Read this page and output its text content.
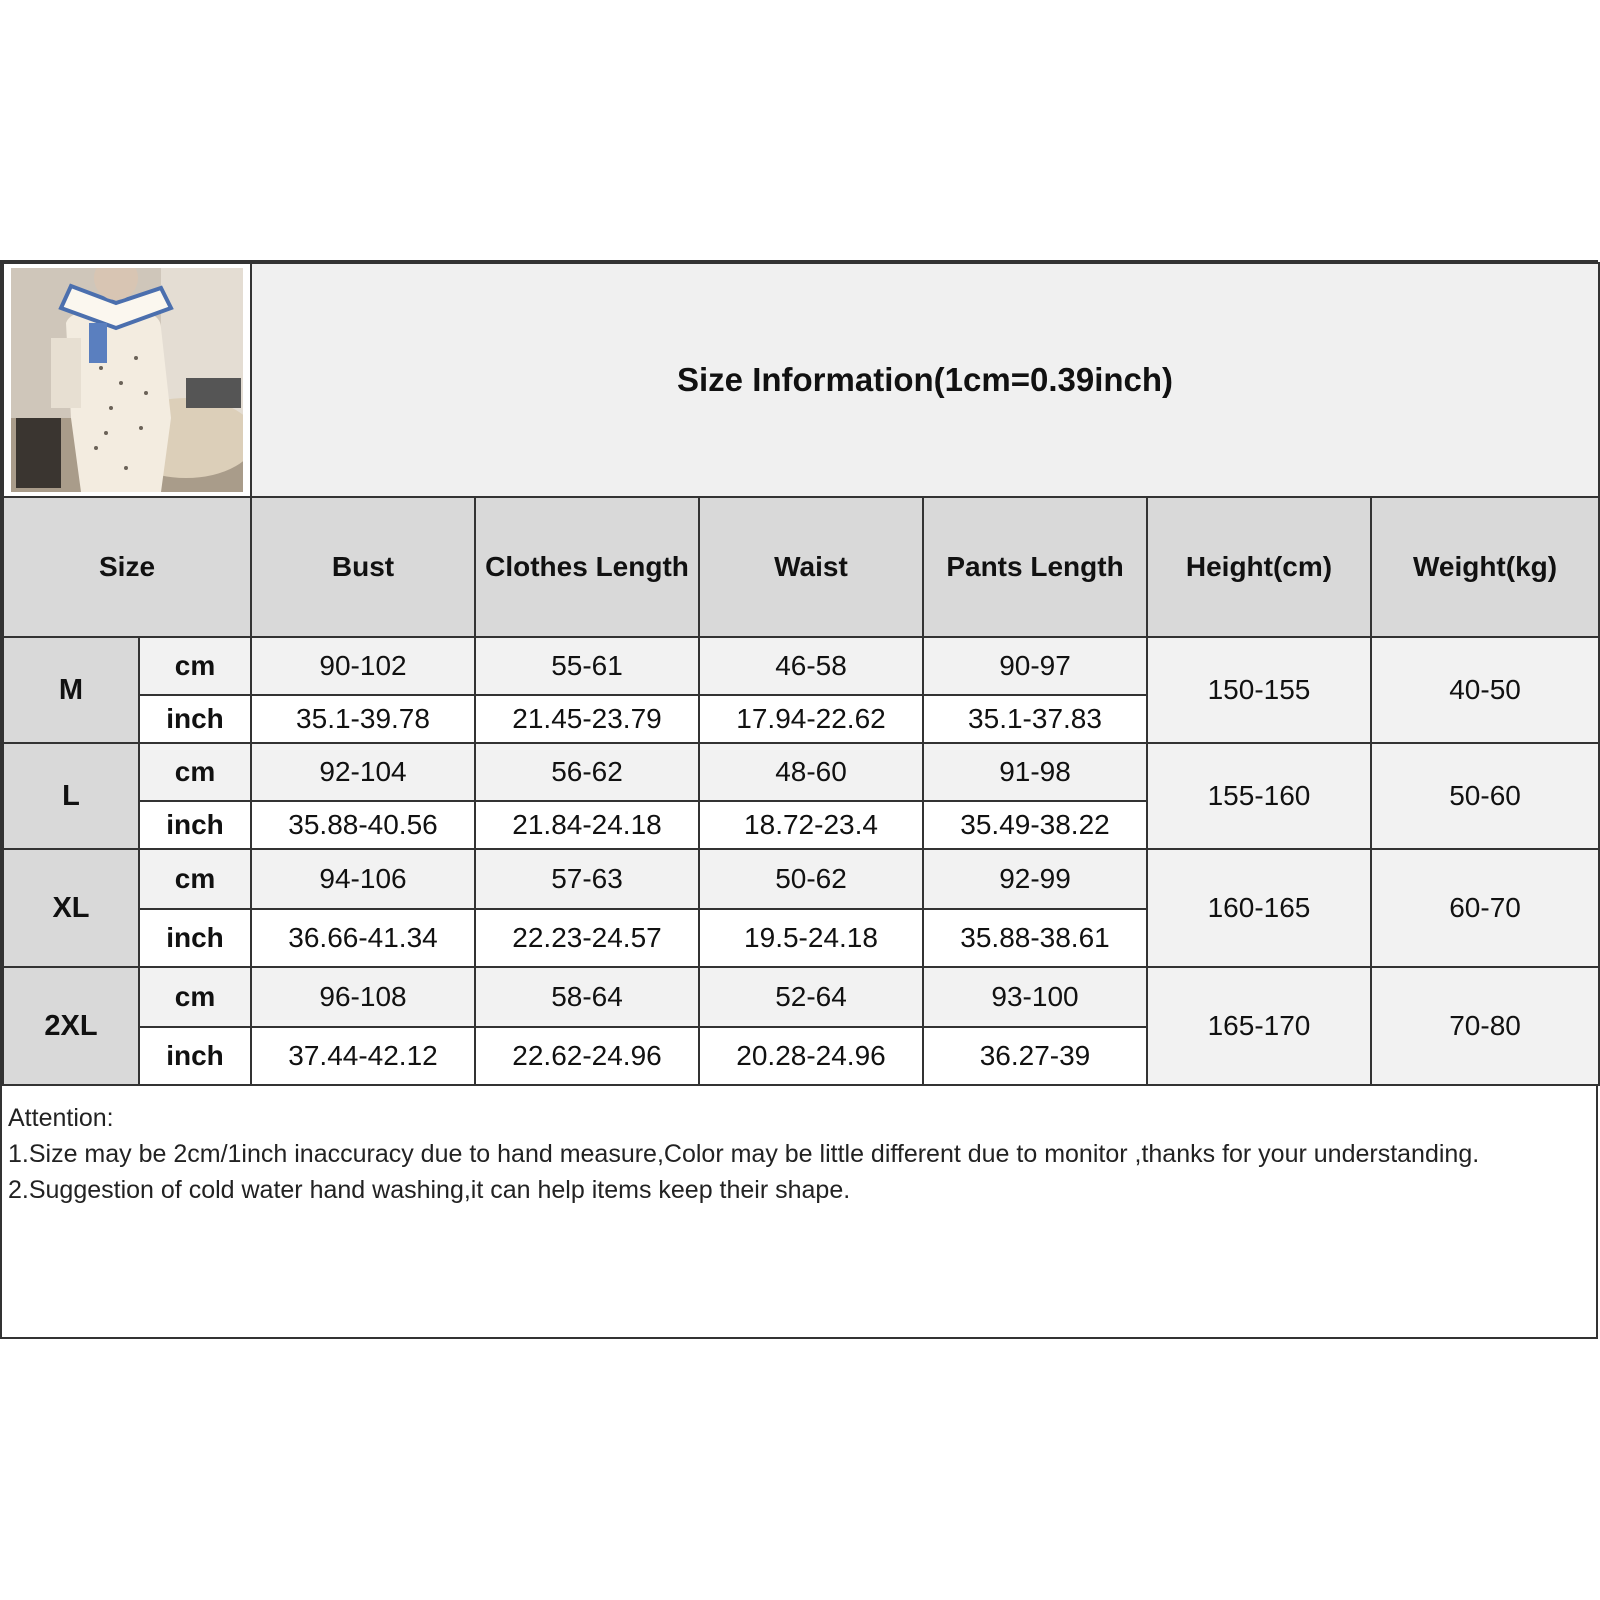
	Size Information(1cm=0.39inch)					
Size		Bust	Clothes Length	Waist	Pants Length	Height(cm)	Weight(kg)
M	cm	90-102	55-61	46-58	90-97	150-155	40-50
	inch	35.1-39.78	21.45-23.79	17.94-22.62	35.1-37.83		
L	cm	92-104	56-62	48-60	91-98	155-160	50-60
	inch	35.88-40.56	21.84-24.18	18.72-23.4	35.49-38.22		
XL	cm	94-106	57-63	50-62	92-99	160-165	60-70
	inch	36.66-41.34	22.23-24.57	19.5-24.18	35.88-38.61		
2XL	cm	96-108	58-64	52-64	93-100	165-170	70-80
	inch	37.44-42.12	22.62-24.96	20.28-24.96	36.27-39		
Attention:
1.Size may be 2cm/1inch inaccuracy due to hand measure,Color may be little different due to monitor ,thanks for your understanding.
2.Suggestion of cold water hand washing,it can help items keep their shape.
